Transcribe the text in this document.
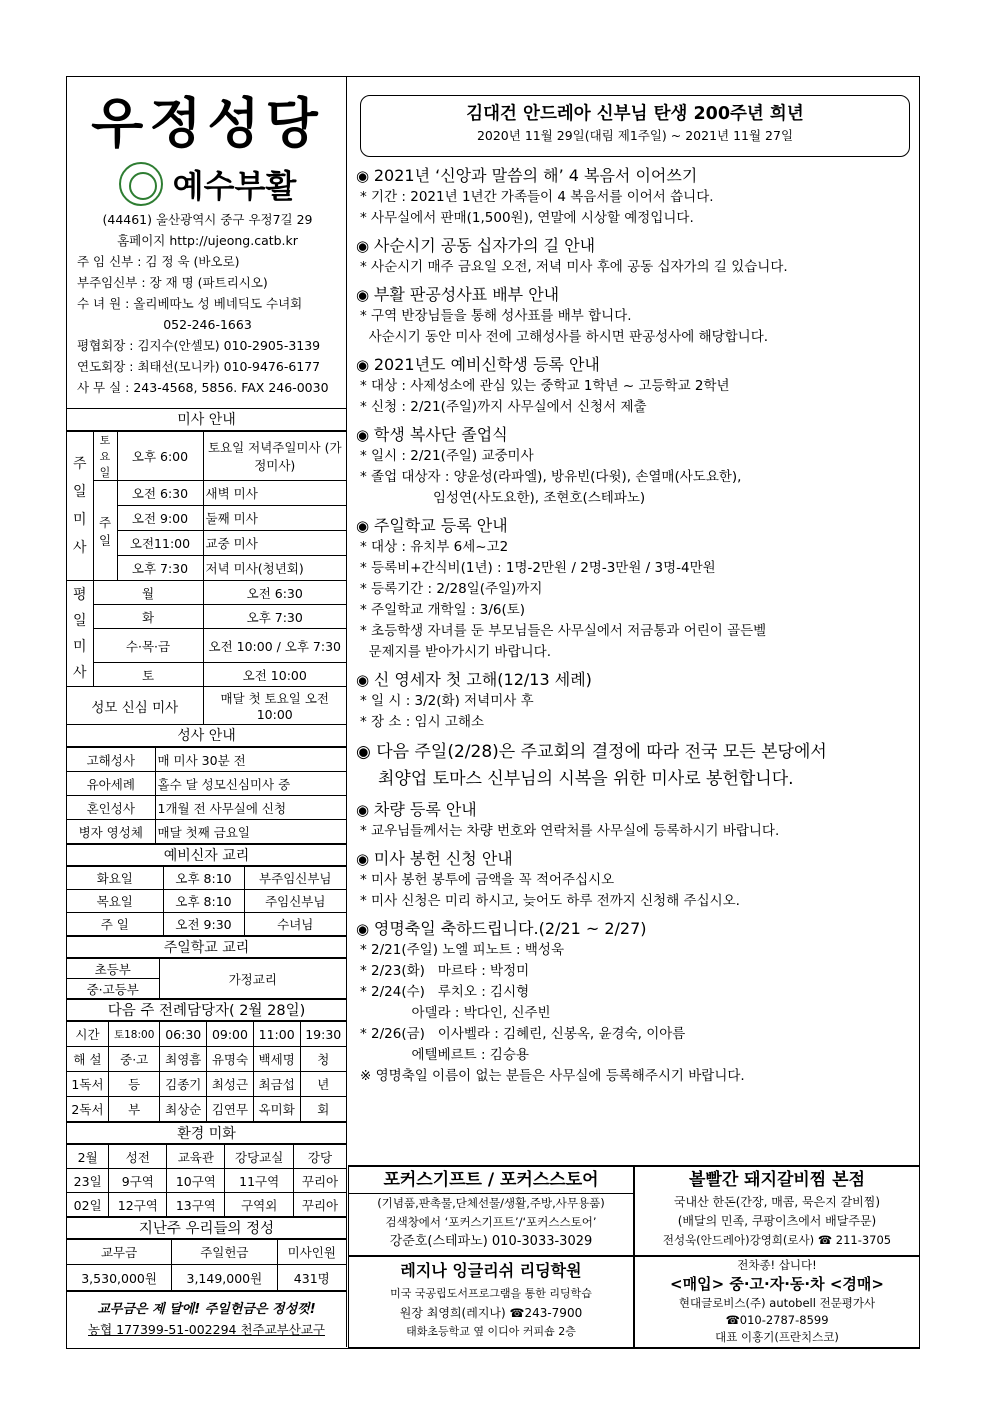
우정성당
예수부활
(44461) 울산광역시 중구 우정7길 29
홈페이지 http://ujeong.catb.kr
주 임 신부 : 김 정 욱 (바오로)
부주임신부 : 장 재 명 (파트리시오)
수 녀 원 : 올리베따노 성 베네딕도 수녀회
052-246-1663
평협회장 : 김지수(안셀모) 010-2905-3139
연도회장 : 최태선(모니카) 010-9476-6177
사 무 실 : 243-4568, 5856. FAX 246-0030
미사 안내
주일미사	토요일	오후 6:00	토요일 저녁주일미사 (가정미사)
	주일	오전 6:30	새벽 미사
		오전 9:00	둘째 미사
		오전11:00	교중 미사
		오후 7:30	저녁 미사(청년회)
평일미사	월		오전 6:30
	화		오후 7:30
	수·목·금		오전 10:00 / 오후 7:30
	토		오전 10:00
성모 신심 미사			매달 첫 토요일 오전 10:00
성사 안내
고해성사	매 미사 30분 전
유아세례	홀수 달 성모신심미사 중
혼인성사	1개월 전 사무실에 신청
병자 영성체	매달 첫째 금요일
예비신자 교리
화요일	오후 8:10	부주임신부님
목요일	오후 8:10	주임신부님
주 일	오전 9:30	수녀님
주일학교 교리
초등부	가정교리
중·고등부
다음 주 전례담당자( 2월 28일)
시간	토18:00	06:30	09:00	11:00	19:30
해 설	중·고	최영흠	유명숙	백세명	청
1독서	등	김종기	최성근	최금섭	년
2독서	부	최상순	김연무	옥미화	회
환경 미화
2월	성전	교육관	강당교실	강당
23일	9구역	10구역	11구역	꾸리아
02일	12구역	13구역	구역외	꾸리아
지난주 우리들의 정성
교무금	주일헌금	미사인원
3,530,000원	3,149,000원	431명
교무금은 제 달에! 주일헌금은 정성껏!
농협 177399-51-002294 천주교부산교구
김대건 안드레아 신부님 탄생 200주년 희년
2020년 11월 29일(대림 제1주일) ~ 2021년 11월 27일
◉ 2021년 ‘신앙과 말씀의 해’ 4 복음서 이어쓰기
* 기간 : 2021년 1년간 가족들이 4 복음서를 이어서 씁니다.
* 사무실에서 판매(1,500원), 연말에 시상할 예정입니다.
◉ 사순시기 공동 십자가의 길 안내
* 사순시기 매주 금요일 오전, 저녁 미사 후에 공동 십자가의 길 있습니다.
◉ 부활 판공성사표 배부 안내
* 구역 반장님들을 통해 성사표를 배부 합니다.
사순시기 동안 미사 전에 고해성사를 하시면 판공성사에 해당합니다.
◉ 2021년도 예비신학생 등록 안내
* 대상 : 사제성소에 관심 있는 중학교 1학년 ~ 고등학교 2학년
* 신청 : 2/21(주일)까지 사무실에서 신청서 제출
◉ 학생 복사단 졸업식
* 일시 : 2/21(주일) 교중미사
* 졸업 대상자 : 양윤성(라파엘), 방유빈(다윗), 손열매(사도요한),
임성연(사도요한), 조현호(스테파노)
◉ 주일학교 등록 안내
* 대상 : 유치부 6세~고2
* 등록비+간식비(1년) : 1명-2만원 / 2명-3만원 / 3명-4만원
* 등록기간 : 2/28일(주일)까지
* 주일학교 개학일 : 3/6(토)
* 초등학생 자녀를 둔 부모님들은 사무실에서 저금통과 어린이 골든벨
문제지를 받아가시기 바랍니다.
◉ 신 영세자 첫 고해(12/13 세례)
* 일 시 : 3/2(화) 저녁미사 후
* 장 소 : 임시 고해소
◉ 다음 주일(2/28)은 주교회의 결정에 따라 전국 모든 본당에서
최양업 토마스 신부님의 시복을 위한 미사로 봉헌합니다.
◉ 차량 등록 안내
* 교우님들께서는 차량 번호와 연락처를 사무실에 등록하시기 바랍니다.
◉ 미사 봉헌 신청 안내
* 미사 봉헌 봉투에 금액을 꼭 적어주십시오
* 미사 신청은 미리 하시고, 늦어도 하루 전까지 신청해 주십시오.
◉ 영명축일 축하드립니다.(2/21 ~ 2/27)
* 2/21(주일) 노엘 피노트 : 백성욱
* 2/23(화)   마르타 : 박정미
* 2/24(수)   루치오 : 김시형
아델라 : 박다인, 신주빈
* 2/26(금)   이사벨라 : 김혜린, 신봉옥, 윤경숙, 이아름
에텔베르트 : 김승용
※ 영명축일 이름이 없는 분들은 사무실에 등록해주시기 바랍니다.
포커스기프트 / 포커스스토어
(기념품,판촉물,단체선물/생활,주방,사무용품)
검색창에서 ‘포커스기프트’/‘포커스스토어’
강준호(스테파노) 010-3033-3029
볼빨간 돼지갈비찜 본점
국내산 한돈(간장, 매콤, 묵은지 갈비찜)
(배달의 민족, 쿠팡이츠에서 배달주문)
전성욱(안드레아)강영희(로사) ☎ 211-3705
레지나 잉글리쉬 리딩학원
미국 국공립도서프로그램을 통한 리딩학습
원장 최영희(레지나) ☎243-7900
태화초등학교 옆 이디아 커피숍 2층
전차종! 삽니다!
<매입> 중·고·자·동·차 <경매>
현대글로비스(주) autobell 전문평가사
☎010-2787-8599
대표 이홍기(프란치스코)
